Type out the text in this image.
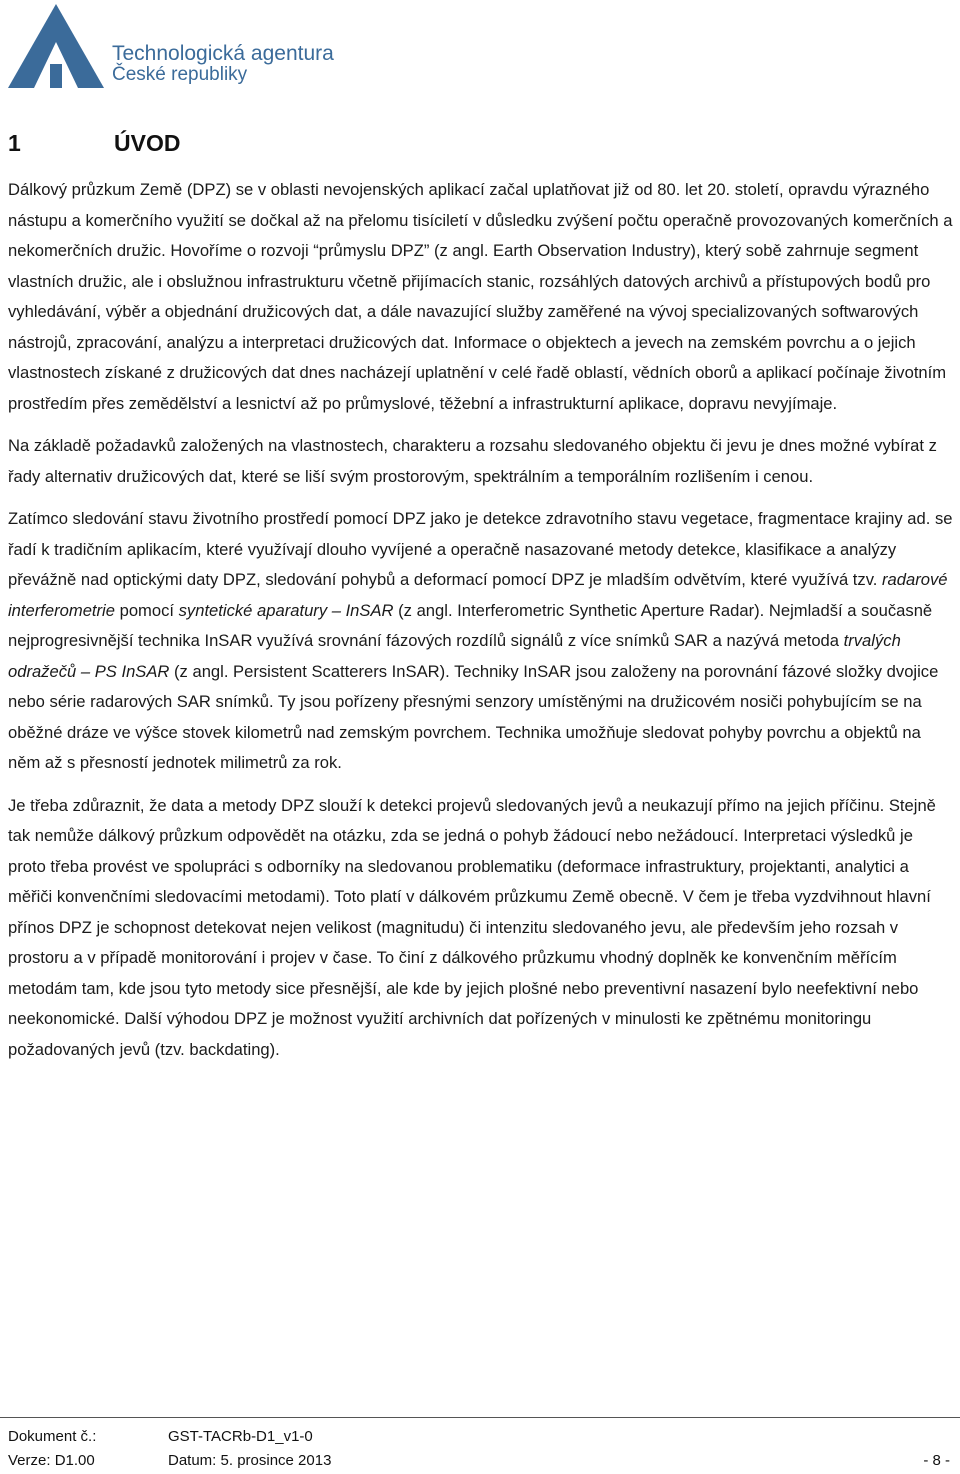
Technologická agentura
České republiky
1	ÚVOD

Dálkový průzkum Země (DPZ) se v oblasti nevojenských aplikací začal uplatňovat již od 80. let 20. století, opravdu výrazného nástupu a komerčního využití se dočkal až na přelomu tisíciletí v důsledku zvýšení počtu operačně provozovaných komerčních a nekomerčních družic. Hovoříme o rozvoji “průmyslu DPZ” (z angl. Earth Observation Industry), který sobě zahrnuje segment vlastních družic, ale i obslužnou infrastrukturu včetně přijímacích stanic, rozsáhlých datových archivů a přístupových bodů pro vyhledávání, výběr a objednání družicových dat, a dále navazující služby zaměřené na vývoj specializovaných softwarových nástrojů, zpracování, analýzu a interpretaci družicových dat. Informace o objektech a jevech na zemském povrchu a o jejich vlastnostech získané z družicových dat dnes nacházejí uplatnění v celé řadě oblastí, vědních oborů a aplikací počínaje životním prostředím přes zemědělství a lesnictví až po průmyslové, těžební a infrastrukturní aplikace, dopravu nevyjímaje.

Na základě požadavků založených na vlastnostech, charakteru a rozsahu sledovaného objektu či jevu je dnes možné vybírat z řady alternativ družicových dat, které se liší svým prostorovým, spektrálním a temporálním rozlišením i cenou.

Zatímco sledování stavu životního prostředí pomocí DPZ jako je detekce zdravotního stavu vegetace, fragmentace krajiny ad. se řadí k tradičním aplikacím, které využívají dlouho vyvíjené a operačně nasazované metody detekce, klasifikace a analýzy převážně nad optickými daty DPZ, sledování pohybů a deformací pomocí DPZ je mladším odvětvím, které využívá tzv. radarové interferometrie pomocí syntetické aparatury – InSAR (z angl. Interferometric Synthetic Aperture Radar). Nejmladší a současně nejprogresivnější technika InSAR využívá srovnání fázových rozdílů signálů z více snímků SAR a nazývá metoda trvalých odražečů – PS InSAR (z angl. Persistent Scatterers InSAR). Techniky InSAR jsou založeny na porovnání fázové složky dvojice nebo série radarových SAR snímků. Ty jsou pořízeny přesnými senzory umístěnými na družicovém nosiči pohybujícím se na oběžné dráze ve výšce stovek kilometrů nad zemským povrchem. Technika umožňuje sledovat pohyby povrchu a objektů na něm až s přesností jednotek milimetrů za rok.

Je třeba zdůraznit, že data a metody DPZ slouží k detekci projevů sledovaných jevů a neukazují přímo na jejich příčinu. Stejně tak nemůže dálkový průzkum odpovědět na otázku, zda se jedná o pohyb žádoucí nebo nežádoucí. Interpretaci výsledků je proto třeba provést ve spolupráci s odborníky na sledovanou problematiku (deformace infrastruktury, projektanti, analytici a měřiči konvenčními sledovacími metodami). Toto platí v dálkovém průzkumu Země obecně. V čem je třeba vyzdvihnout hlavní přínos DPZ je schopnost detekovat nejen velikost (magnitudu) či intenzitu sledovaného jevu, ale především jeho rozsah v prostoru a v případě monitorování i projev v čase. To činí z dálkového průzkumu vhodný doplněk ke konvenčním měřícím metodám tam, kde jsou tyto metody sice přesnější, ale kde by jejich plošné nebo preventivní nasazení bylo neefektivní nebo neekonomické. Další výhodou DPZ je možnost využití archivních dat pořízených v minulosti ke zpětnému monitoringu požadovaných jevů (tzv. backdating).

Dokument č.:	GST-TACRb-D1_v1-0
Verze: D1.00	Datum: 5. prosince 2013	- 8 -
